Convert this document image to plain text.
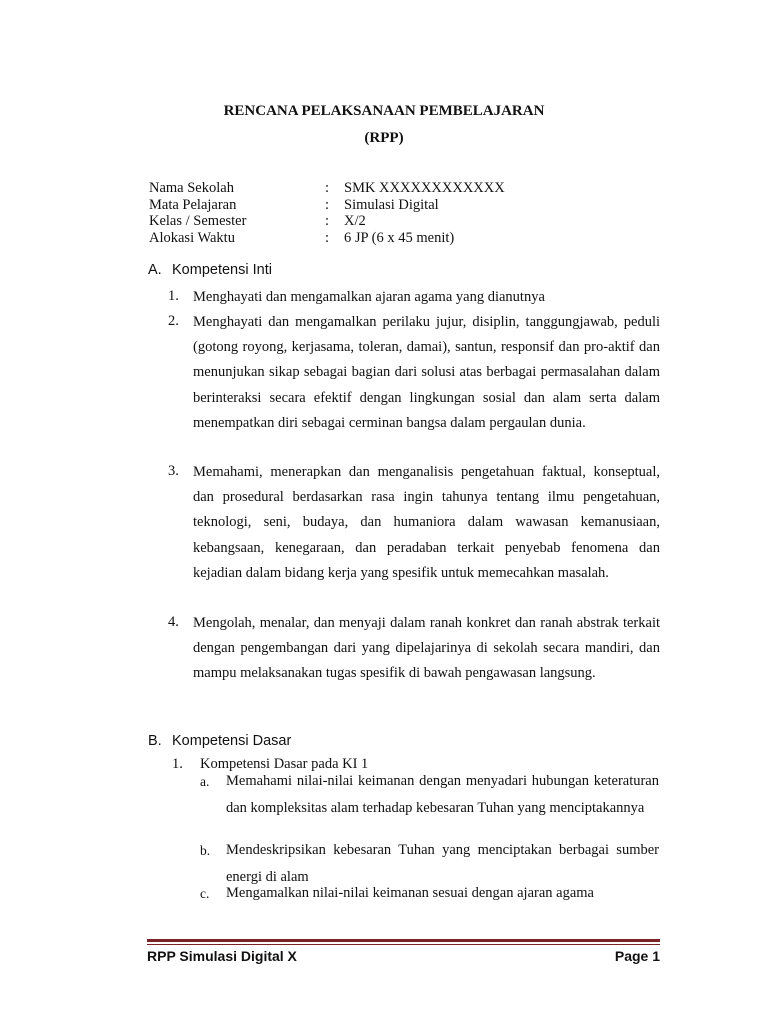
RENCANA PELAKSANAAN PEMBELAJARAN
(RPP)
Nama Sekolah	: SMK XXXXXXXXXXXX
Mata Pelajaran	: Simulasi Digital
Kelas / Semester	: X/2
Alokasi Waktu	: 6 JP (6 x 45 menit)
A. Kompetensi Inti
1. Menghayati dan mengamalkan ajaran agama yang dianutnya
2. Menghayati dan mengamalkan perilaku jujur, disiplin, tanggungjawab, peduli (gotong royong, kerjasama, toleran, damai), santun, responsif dan pro-aktif dan menunjukan sikap sebagai bagian dari solusi atas berbagai permasalahan dalam berinteraksi secara efektif dengan lingkungan sosial dan alam serta dalam menempatkan diri sebagai cerminan bangsa dalam pergaulan dunia.
3. Memahami, menerapkan dan menganalisis pengetahuan faktual, konseptual, dan prosedural berdasarkan rasa ingin tahunya tentang ilmu pengetahuan, teknologi, seni, budaya, dan humaniora dalam wawasan kemanusiaan, kebangsaan, kenegaraan, dan peradaban terkait penyebab fenomena dan kejadian dalam bidang kerja yang spesifik untuk memecahkan masalah.
4. Mengolah, menalar, dan menyaji dalam ranah konkret dan ranah abstrak terkait dengan pengembangan dari yang dipelajarinya di sekolah secara mandiri, dan mampu melaksanakan tugas spesifik di bawah pengawasan langsung.
B. Kompetensi Dasar
1. Kompetensi Dasar pada KI 1
a. Memahami nilai-nilai keimanan dengan menyadari hubungan keteraturan dan kompleksitas alam terhadap kebesaran Tuhan yang menciptakannya
b. Mendeskripsikan kebesaran Tuhan yang menciptakan berbagai sumber energi di alam
c. Mengamalkan nilai-nilai keimanan sesuai dengan ajaran agama
RPP Simulasi Digital X	Page 1
